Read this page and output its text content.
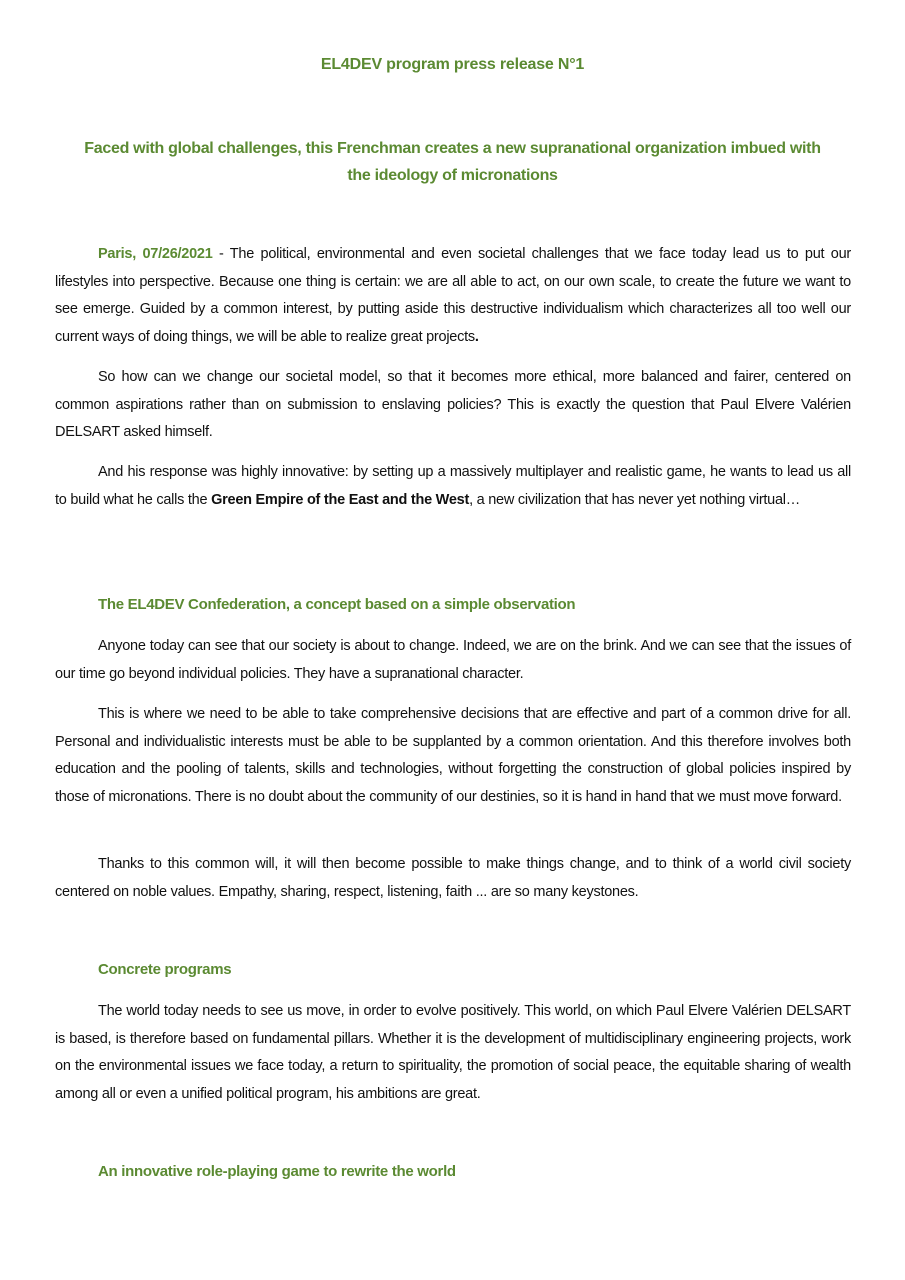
EL4DEV program press release N°1
Faced with global challenges, this Frenchman creates a new supranational organization imbued with the ideology of micronations

Paris, 07/26/2021 - The political, environmental and even societal challenges that we face today lead us to put our lifestyles into perspective. Because one thing is certain: we are all able to act, on our own scale, to create the future we want to see emerge. Guided by a common interest, by putting aside this destructive individualism which characterizes all too well our current ways of doing things, we will be able to realize great projects.

So how can we change our societal model, so that it becomes more ethical, more balanced and fairer, centered on common aspirations rather than on submission to enslaving policies? This is exactly the question that Paul Elvere Valérien DELSART asked himself.

And his response was highly innovative: by setting up a massively multiplayer and realistic game, he wants to lead us all to build what he calls the Green Empire of the East and the West, a new civilization that has never yet nothing virtual…

The EL4DEV Confederation, a concept based on a simple observation

Anyone today can see that our society is about to change. Indeed, we are on the brink. And we can see that the issues of our time go beyond individual policies. They have a supranational character.

This is where we need to be able to take comprehensive decisions that are effective and part of a common drive for all. Personal and individualistic interests must be able to be supplanted by a common orientation. And this therefore involves both education and the pooling of talents, skills and technologies, without forgetting the construction of global policies inspired by those of micronations. There is no doubt about the community of our destinies, so it is hand in hand that we must move forward.

Thanks to this common will, it will then become possible to make things change, and to think of a world civil society centered on noble values. Empathy, sharing, respect, listening, faith ... are so many keystones.

Concrete programs

The world today needs to see us move, in order to evolve positively. This world, on which Paul Elvere Valérien DELSART is based, is therefore based on fundamental pillars. Whether it is the development of multidisciplinary engineering projects, work on the environmental issues we face today, a return to spirituality, the promotion of social peace, the equitable sharing of wealth among all or even a unified political program, his ambitions are great.

An innovative role-playing game to rewrite the world
